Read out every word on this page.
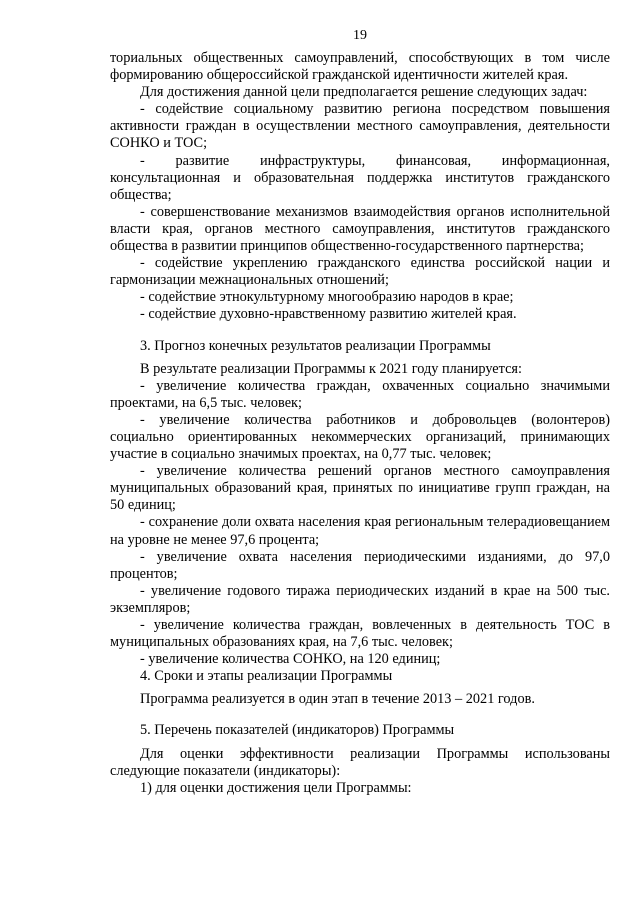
19

ториальных общественных самоуправлений, способствующих в том числе формированию общероссийской гражданской идентичности жителей края.

Для достижения данной цели предполагается решение следующих задач:

- содействие социальному развитию региона посредством повышения активности граждан в осуществлении местного самоуправления, деятельности СОНКО и ТОС;

- развитие инфраструктуры, финансовая, информационная, консультационная и образовательная поддержка институтов гражданского общества;

- совершенствование механизмов взаимодействия органов исполнительной власти края, органов местного самоуправления, институтов гражданского общества в развитии принципов общественно-государственного партнерства;

- содействие укреплению гражданского единства российской нации и гармонизации межнациональных отношений;

- содействие этнокультурному многообразию народов в крае;

- содействие духовно-нравственному развитию жителей края.

3. Прогноз конечных результатов реализации Программы

В результате реализации Программы к 2021 году планируется:

- увеличение количества граждан, охваченных социально значимыми проектами, на 6,5 тыс. человек;

- увеличение количества работников и добровольцев (волонтеров) социально ориентированных некоммерческих организаций, принимающих участие в социально значимых проектах, на 0,77 тыс. человек;

- увеличение количества решений органов местного самоуправления муниципальных образований края, принятых по инициативе групп граждан, на 50 единиц;

- сохранение доли охвата населения края региональным телерадиовещанием на уровне не менее 97,6 процента;

- увеличение охвата населения периодическими изданиями, до 97,0 процентов;

- увеличение годового тиража периодических изданий в крае на 500 тыс. экземпляров;

- увеличение количества граждан, вовлеченных в деятельность ТОС в муниципальных образованиях края, на 7,6 тыс. человек;

- увеличение количества СОНКО, на 120 единиц;

4. Сроки и этапы реализации Программы

Программа реализуется в один этап в течение 2013 – 2021 годов.

5. Перечень показателей (индикаторов) Программы

Для оценки эффективности реализации Программы использованы следующие показатели (индикаторы):

1) для оценки достижения цели Программы:
